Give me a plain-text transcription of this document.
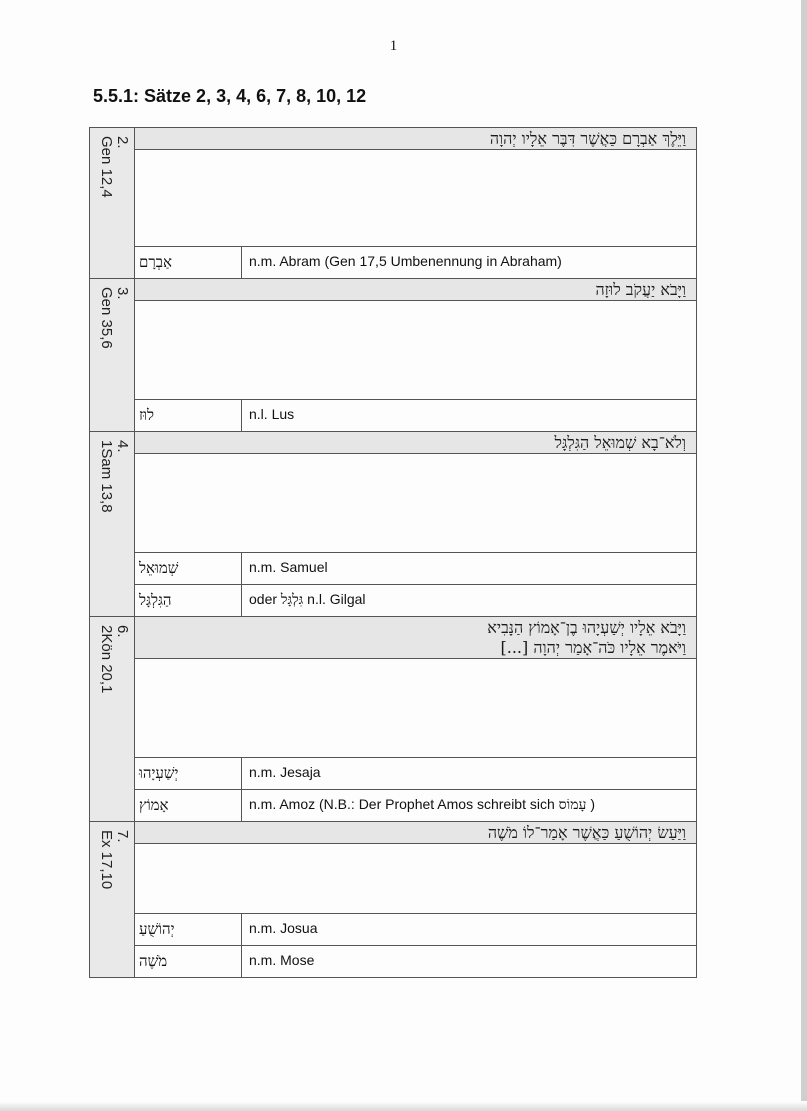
1
5.5.1: Sätze 2, 3, 4, 6, 7, 8, 10, 12
2.
Gen 12,4	וַיֵּלֶךְ אַבְרָם כַּאֲשֶׁר דִּבֶּר אֵלָיו יְהוָה
אַבְרָם	n.m. Abram (Gen 17,5 Umbenennung in Abraham)
3.
Gen 35,6	וַיָּבֹא יַעֲקֹב לוּזָה
לוּז	n.l. Lus
4.
1Sam 13,8	וְלֹא־בָא שְׁמוּאֵל הַגִּלְגָּל
שְׁמוּאֵל	n.m. Samuel
הַגִּלְגָּל	oder גִּלְגָּל n.l. Gilgal
6.
2Kön 20,1	וַיָּבֹא אֵלָיו יְשַׁעְיָהוּ בֶן־אָמוֹץ הַנָּבִיא
וַיֹּאמֶר אֵלָיו כֹּה־אָמַר יְהוָה [...]
יְשַׁעְיָהוּ	n.m. Jesaja
אָמוֹץ	n.m. Amoz (N.B.: Der Prophet Amos schreibt sich עָמוֹס )
7.
Ex 17,10	וַיַּעַשׂ יְהוֹשֻׁעַ כַּאֲשֶׁר אָמַר־לוֹ מֹשֶׁה
יְהוֹשֻׁעַ	n.m. Josua
מֹשֶׁה	n.m. Mose
